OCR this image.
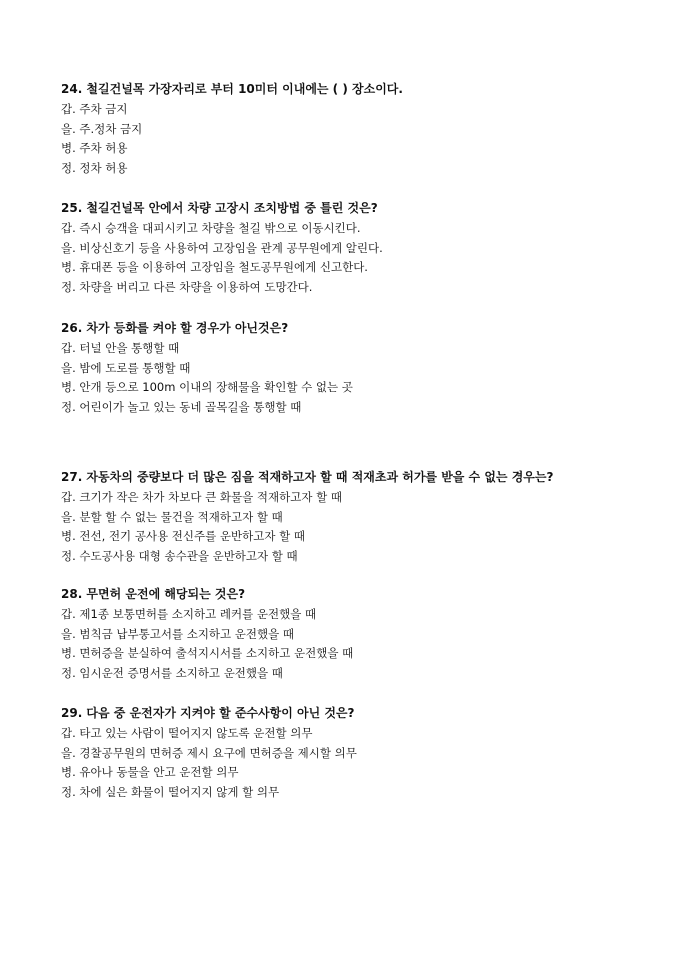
24. 철길건널목 가장자리로 부터 10미터 이내에는 ( ) 장소이다.

갑. 주차 금지

을. 주.정차 금지

병. 주차 허용

정. 정차 허용

25. 철길건널목 안에서 차량 고장시 조치방법 중 틀린 것은?

갑. 즉시 승객을 대피시키고 차량을 철길 밖으로 이동시킨다.

을. 비상신호기 등을 사용하여 고장임을 관계 공무원에게 알린다.

병. 휴대폰 등을 이용하여 고장임을 철도공무원에게 신고한다.

정. 차량을 버리고 다른 차량을 이용하여 도망간다.

26. 차가 등화를 켜야 할 경우가 아닌것은?

갑. 터널 안을 통행할 때

을. 밤에 도로를 통행할 때

병. 안개 등으로 100m 이내의 장해물을 확인할 수 없는 곳

정. 어린이가 놀고 있는 동네 골목길을 통행할 때

27. 자동차의 중량보다 더 많은 짐을 적재하고자 할 때 적재초과 허가를 받을 수 없는 경우는?

갑. 크기가 작은 차가 차보다 큰 화물을 적재하고자 할 때

을. 분할 할 수 없는 물건을 적재하고자 할 때

병. 전선, 전기 공사용 전신주를 운반하고자 할 때

정. 수도공사용 대형 송수관을 운반하고자 할 때

28. 무면허 운전에 해당되는 것은?

갑. 제1종 보통면허를 소지하고 레커를 운전했을 때

을. 범칙금 납부통고서를 소지하고 운전했을 때

병. 면허증을 분실하여 출석지시서를 소지하고 운전했을 때

정. 임시운전 증명서를 소지하고 운전했을 때

29. 다음 중 운전자가 지켜야 할 준수사항이 아닌 것은?

갑. 타고 있는 사람이 떨어지지 않도록 운전할 의무

을. 경찰공무원의 면허증 제시 요구에 면허증을 제시할 의무

병. 유아나 동물을 안고 운전할 의무

정. 차에 실은 화물이 떨어지지 않게 할 의무
